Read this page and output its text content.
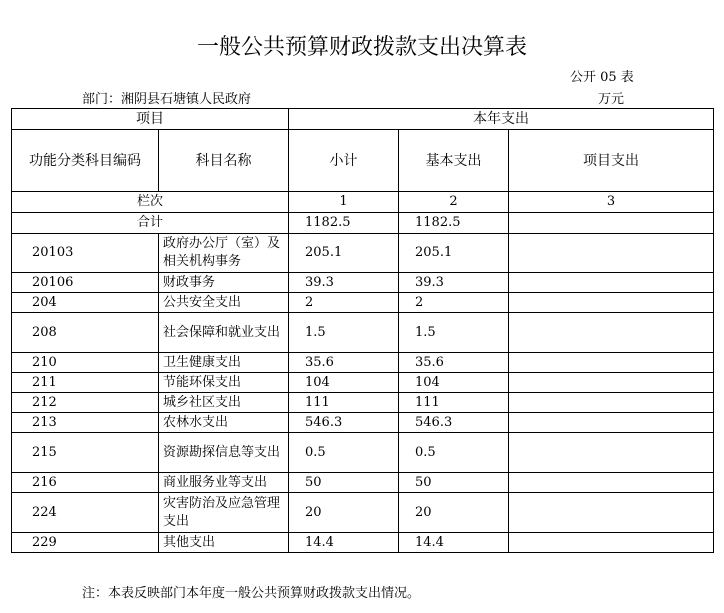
一般公共预算财政拨款支出决算表
公开 05 表
部门：湘阴县石塘镇人民政府	万元
项目		本年支出		
功能分类科目编码	科目名称	小计	基本支出	项目支出
栏次		1	2	3
合计		1182.5	1182.5	
20103	政府办公厅（室）及相关机构事务	205.1	205.1	
20106	财政事务	39.3	39.3	
204	公共安全支出	2	2	
208	社会保障和就业支出	1.5	1.5	
210	卫生健康支出	35.6	35.6	
211	节能环保支出	104	104	
212	城乡社区支出	111	111	
213	农林水支出	546.3	546.3	
215	资源勘探信息等支出	0.5	0.5	
216	商业服务业等支出	50	50	
224	灾害防治及应急管理支出	20	20	
229	其他支出	14.4	14.4	
注：本表反映部门本年度一般公共预算财政拨款支出情况。
